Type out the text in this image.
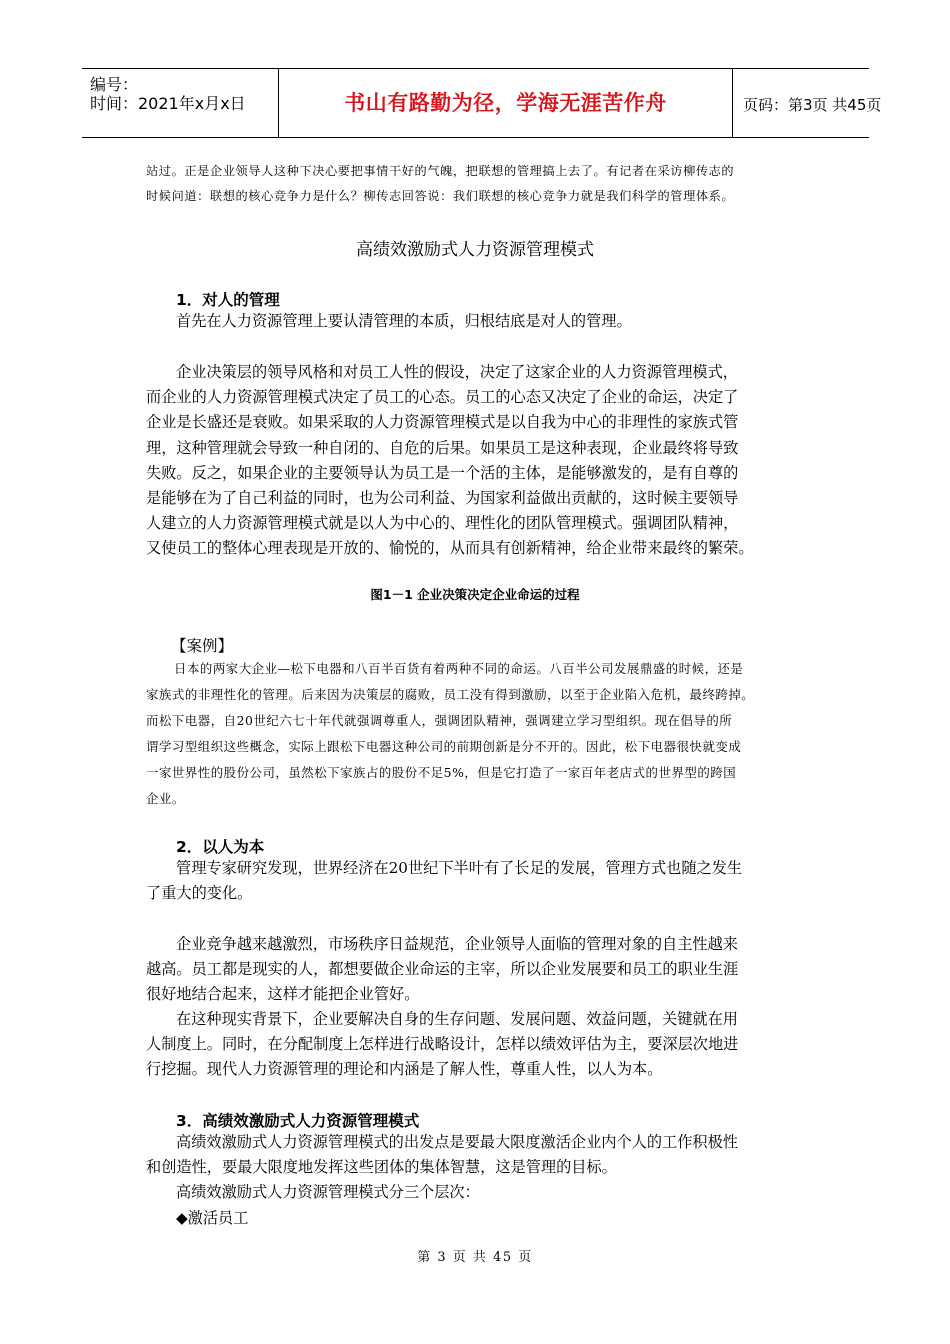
编号：
时间：2021年x月x日	书山有路勤为径，学海无涯苦作舟	页码：第3页 共45页
站过。正是企业领导人这种下决心要把事情干好的气魄，把联想的管理搞上去了。有记者在采访柳传志的
时候问道：联想的核心竞争力是什么？柳传志回答说：我们联想的核心竞争力就是我们科学的管理体系。
高绩效激励式人力资源管理模式
1．对人的管理
首先在人力资源管理上要认清管理的本质，归根结底是对人的管理。
企业决策层的领导风格和对员工人性的假设，决定了这家企业的人力资源管理模式，
而企业的人力资源管理模式决定了员工的心态。员工的心态又决定了企业的命运，决定了
企业是长盛还是衰败。如果采取的人力资源管理模式是以自我为中心的非理性的家族式管
理，这种管理就会导致一种自闭的、自危的后果。如果员工是这种表现，企业最终将导致
失败。反之，如果企业的主要领导认为员工是一个活的主体，是能够激发的，是有自尊的
是能够在为了自己利益的同时，也为公司利益、为国家利益做出贡献的，这时候主要领导
人建立的人力资源管理模式就是以人为中心的、理性化的团队管理模式。强调团队精神，
又使员工的整体心理表现是开放的、愉悦的，从而具有创新精神，给企业带来最终的繁荣。
图1－1 企业决策决定企业命运的过程
【案例】
日本的两家大企业—松下电器和八百半百货有着两种不同的命运。八百半公司发展鼎盛的时候，还是
家族式的非理性化的管理。后来因为决策层的腐败，员工没有得到激励，以至于企业陷入危机，最终跨掉。
而松下电器，自20世纪六七十年代就强调尊重人，强调团队精神，强调建立学习型组织。现在倡导的所
谓学习型组织这些概念，实际上跟松下电器这种公司的前期创新是分不开的。因此，松下电器很快就变成
一家世界性的股份公司，虽然松下家族占的股份不足5%，但是它打造了一家百年老店式的世界型的跨国
企业。
2．以人为本
管理专家研究发现，世界经济在20世纪下半叶有了长足的发展，管理方式也随之发生
了重大的变化。
企业竞争越来越激烈，市场秩序日益规范，企业领导人面临的管理对象的自主性越来
越高。员工都是现实的人，都想要做企业命运的主宰，所以企业发展要和员工的职业生涯
很好地结合起来，这样才能把企业管好。
在这种现实背景下，企业要解决自身的生存问题、发展问题、效益问题，关键就在用
人制度上。同时，在分配制度上怎样进行战略设计，怎样以绩效评估为主，要深层次地进
行挖掘。现代人力资源管理的理论和内涵是了解人性，尊重人性，以人为本。
3．高绩效激励式人力资源管理模式
高绩效激励式人力资源管理模式的出发点是要最大限度激活企业内个人的工作积极性
和创造性，要最大限度地发挥这些团体的集体智慧，这是管理的目标。
高绩效激励式人力资源管理模式分三个层次：
◆激活员工
第 3 页 共 45 页
